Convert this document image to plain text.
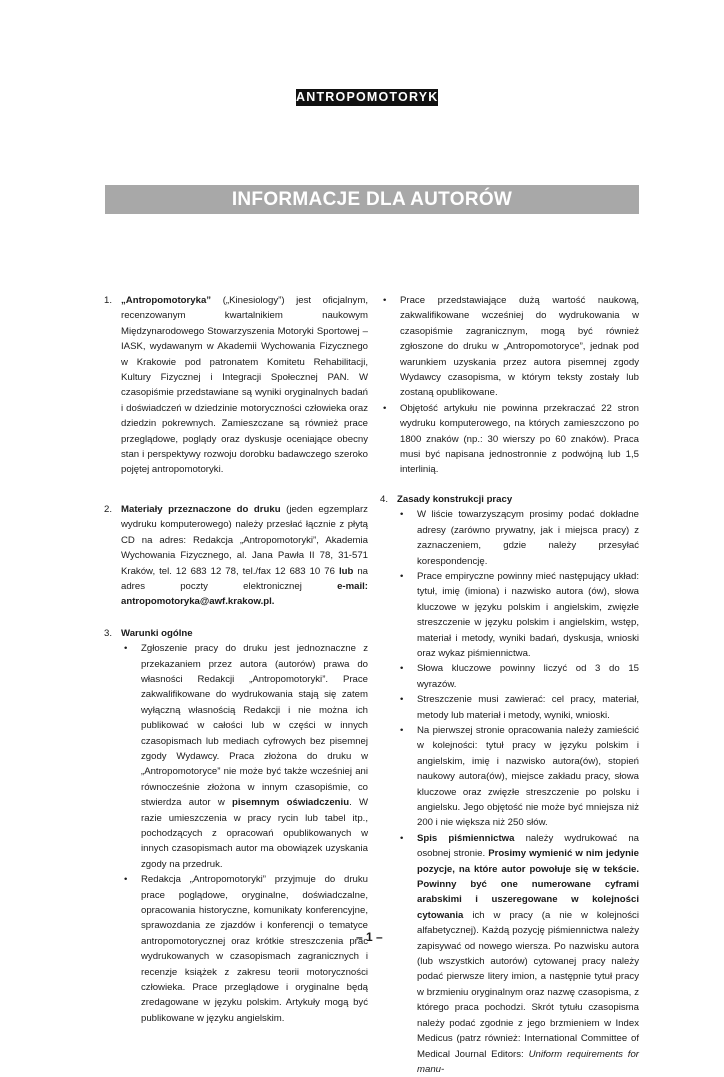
ANTROPOMOTORYKA
INFORMACJE DLA AUTORÓW
1. „Antropomotoryka” („Kinesiology”) jest oficjalnym, recenzowanym kwartalnikiem naukowym Międzynarodowego Stowarzyszenia Motoryki Sportowej – IASK, wydawanym w Akademii Wychowania Fizycznego w Krakowie pod patronatem Komitetu Rehabilitacji, Kultury Fizycznej i Integracji Społecznej PAN. W czasopiśmie przedstawiane są wyniki oryginalnych badań i doświadczeń w dziedzinie motoryczności człowieka oraz dziedzin pokrewnych. Zamieszczane są również prace przeglądowe, poglądy oraz dyskusje oceniające obecny stan i perspektywy rozwoju dorobku badawczego szeroko pojętej antropomotoryki.

2. Materiały przeznaczone do druku (jeden egzemplarz wydruku komputerowego) należy przesłać łącznie z płytą CD na adres: Redakcja „Antropomotoryki”, Akademia Wychowania Fizycznego, al. Jana Pawła II 78, 31-571 Kraków, tel. 12 683 12 78, tel./fax 12 683 10 76 lub na adres poczty elektronicznej	e-mail: antropomotoryka@awf.krakow.pl.

3. Warunki ogólne

• Zgłoszenie pracy do druku jest jednoznaczne z przekazaniem przez autora (autorów) prawa do własności Redakcji „Antropomotoryki”. Prace zakwalifikowane do wydrukowania stają się zatem wyłączną własnością Redakcji i nie można ich publikować w całości lub w części w innych czasopismach lub mediach cyfrowych bez pisemnej zgody Wydawcy. Praca złożona do druku w „Antropomotoryce” nie może być także wcześniej ani równocześnie złożona w innym czasopiśmie, co stwierdza autor w pisemnym oświadczeniu. W razie umieszczenia w pracy rycin lub tabel itp., pochodzących z opracowań opublikowanych w innych czasopismach autor ma obowiązek uzyskania zgody na przedruk.

• Redakcja „Antropomotoryki” przyjmuje do druku prace poglądowe, oryginalne, doświadczalne, opracowania historyczne, komunikaty konferencyjne, sprawozdania ze zjazdów i konferencji o tematyce antropomotorycznej oraz krótkie streszczenia prac wydrukowanych w czasopismach zagranicznych i recenzje książek z zakresu teorii motoryczności człowieka. Prace przeglądowe i oryginalne będą zredagowane w języku polskim. Artykuły mogą być publikowane w języku angielskim.

• Prace przedstawiające dużą wartość naukową, zakwalifikowane wcześniej do wydrukowania w czasopiśmie zagranicznym, mogą być również zgłoszone do druku w „Antropomotoryce”, jednak pod warunkiem uzyskania przez autora pisemnej zgody Wydawcy czasopisma, w którym teksty zostały lub zostaną opublikowane.

• Objętość artykułu nie powinna przekraczać 22 stron wydruku komputerowego, na których zamieszczono po 1800 znaków (np.: 30 wierszy po 60 znaków). Praca musi być napisana jednostronnie z podwójną lub 1,5 interlinią.

4. Zasady konstrukcji pracy

• W liście towarzyszącym prosimy podać dokładne adresy (zarówno prywatny, jak i miejsca pracy) z zaznaczeniem, gdzie należy przesyłać korespondencję.

• Prace empiryczne powinny mieć następujący układ: tytuł, imię (imiona) i nazwisko autora (ów), słowa kluczowe w języku polskim i angielskim, zwięzłe streszczenie w języku polskim i angielskim, wstęp, materiał i metody, wyniki badań, dyskusja, wnioski oraz wykaz piśmiennictwa.

• Słowa kluczowe powinny liczyć od 3 do 15 wyrazów.

• Streszczenie musi zawierać: cel pracy, materiał, metody lub materiał i metody, wyniki, wnioski.

• Na pierwszej stronie opracowania należy zamieścić w kolejności: tytuł pracy w języku polskim i angielskim, imię i nazwisko autora(ów), stopień naukowy autora(ów), miejsce zakładu pracy, słowa kluczowe oraz zwięzłe streszczenie po polsku i angielsku. Jego objętość nie może być mniejsza niż 200 i nie większa niż 250 słów.

• Spis piśmiennictwa należy wydrukować na osobnej stronie. Prosimy wymienić w nim jedynie pozycje, na które autor powołuje się w tekście. Powinny być one numerowane cyframi arabskimi i uszeregowane w kolejności cytowania ich w pracy (a nie w kolejności alfabetycznej). Każdą pozycję piśmiennictwa należy zapisywać od nowego wiersza. Po nazwisku autora (lub wszystkich autorów) cytowanej pracy należy podać pierwsze litery imion, a następnie tytuł pracy w brzmieniu oryginalnym oraz nazwę czasopisma, z którego praca pochodzi. Skrót tytułu czasopisma należy podać zgodnie z jego brzmieniem w Index Medicus (patrz również: International Committee of Medical Journal Editors: Uniform requirements for manu-

– 1 –
